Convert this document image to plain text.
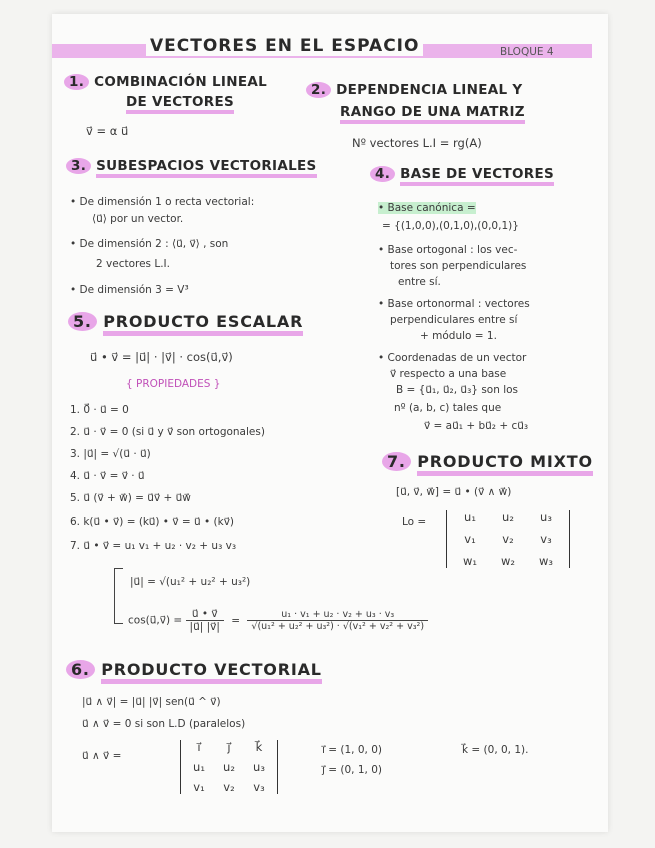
VECTORES EN EL ESPACIO	BLOQUE 4
1. COMBINACIÓN LINEAL
DE VECTORES
v⃗ = α u⃗
2. DEPENDENCIA LINEAL Y
RANGO DE UNA MATRIZ
Nº vectores L.I = rg(A)
3. SUBESPACIOS VECTORIALES
• De dimensión 1 o recta vectorial:
⟨u⃗⟩ por un vector.
• De dimensión 2 : ⟨u⃗, v⃗⟩ , son
2 vectores L.I.
• De dimensión 3 = V³
4. BASE DE VECTORES
• Base canónica =
= {(1,0,0),(0,1,0),(0,0,1)}
• Base ortogonal : los vec-
tores son perpendiculares
entre sí.
• Base ortonormal : vectores
perpendiculares entre sí
+ módulo = 1.
• Coordenadas de un vector
v⃗ respecto a una base
B = {u⃗₁, u⃗₂, u⃗₃} son los
nº (a, b, c) tales que
v⃗ = au⃗₁ + bu⃗₂ + cu⃗₃
5. PRODUCTO ESCALAR
u⃗ • v⃗ = |u⃗| · |v⃗| · cos(u⃗,v⃗)
{ PROPIEDADES }
1. 0⃗ · u⃗ = 0
2. u⃗ · v⃗ = 0 (si u⃗ y v⃗ son ortogonales)
3. |u⃗| = √(u⃗ · u⃗)
4. u⃗ · v⃗ = v⃗ · u⃗
5. u⃗ (v⃗ + w⃗) = u⃗v⃗ + u⃗w⃗
6. k(u⃗ • v⃗) = (ku⃗) • v⃗ = u⃗ • (kv⃗)
7. u⃗ • v⃗ = u₁ v₁ + u₂ · v₂ + u₃ v₃
|u⃗| = √(u₁² + u₂² + u₃²)
cos(u⃗,v⃗) = $\frac{u⃗ • v⃗}{|u⃗| |v⃗|} = \frac{\text{u₁ · v₁ + u₂ · v₂ + u₃ · v₃}}{\text{√(u₁² + u₂² + u₃²) · √(v₁² + v₂² + v₃²)}}$
7. PRODUCTO MIXTO
[u⃗, v⃗, w⃗] = u⃗ • (v⃗ ∧ w⃗)
Lo =	u₁	u₂	u₃
v₁	v₂	v₃
w₁	w₂	w₃
6. PRODUCTO VECTORIAL
|u⃗ ∧ v⃗| = |u⃗| |v⃗| sen(u⃗ ^ v⃗)
u⃗ ∧ v⃗ = 0 si son L.D (paralelos)
u⃗ ∧ v⃗ =
i⃗	j⃗	k⃗
u₁	u₂	u₃
v₁	v₂	v₃
i⃗ = (1, 0, 0)
j⃗ = (0, 1, 0)
k⃗ = (0, 0, 1).
